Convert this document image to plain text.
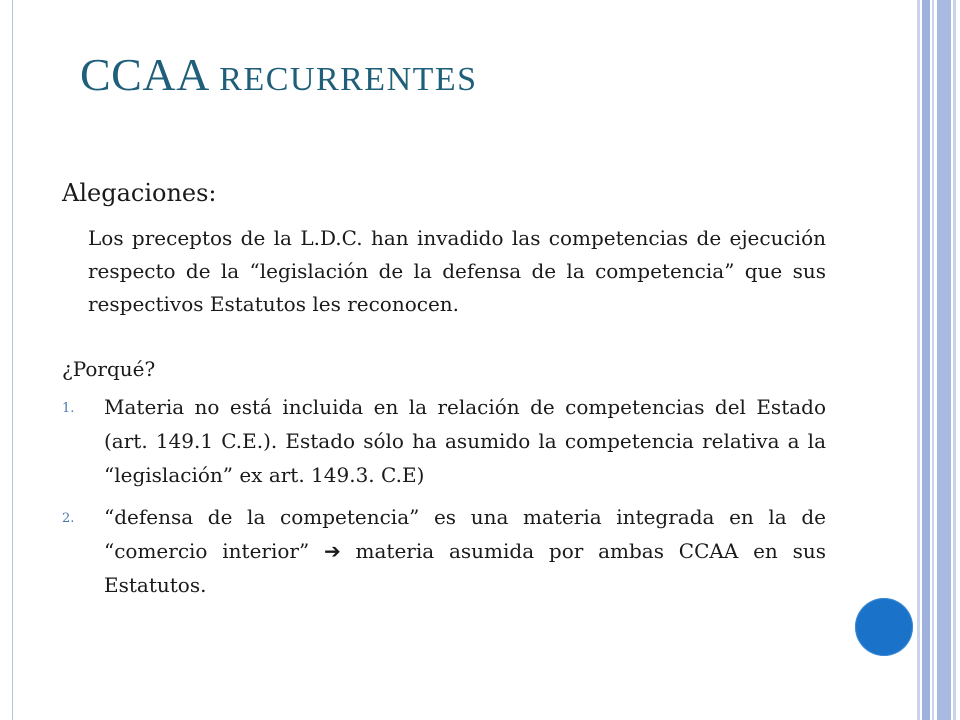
CCAA RECURRENTES

Alegaciones:

Los preceptos de la L.D.C. han invadido las competencias de ejecución respecto de la “legislación de la defensa de la competencia” que sus respectivos Estatutos les reconocen.

¿Porqué?

1. Materia no está incluida en la relación de competencias del Estado (art. 149.1 C.E.). Estado sólo ha asumido la competencia relativa a la “legislación” ex art. 149.3. C.E)
2. “defensa de la competencia” es una materia integrada en la de “comercio interior” ➔ materia asumida por ambas CCAA en sus Estatutos.
